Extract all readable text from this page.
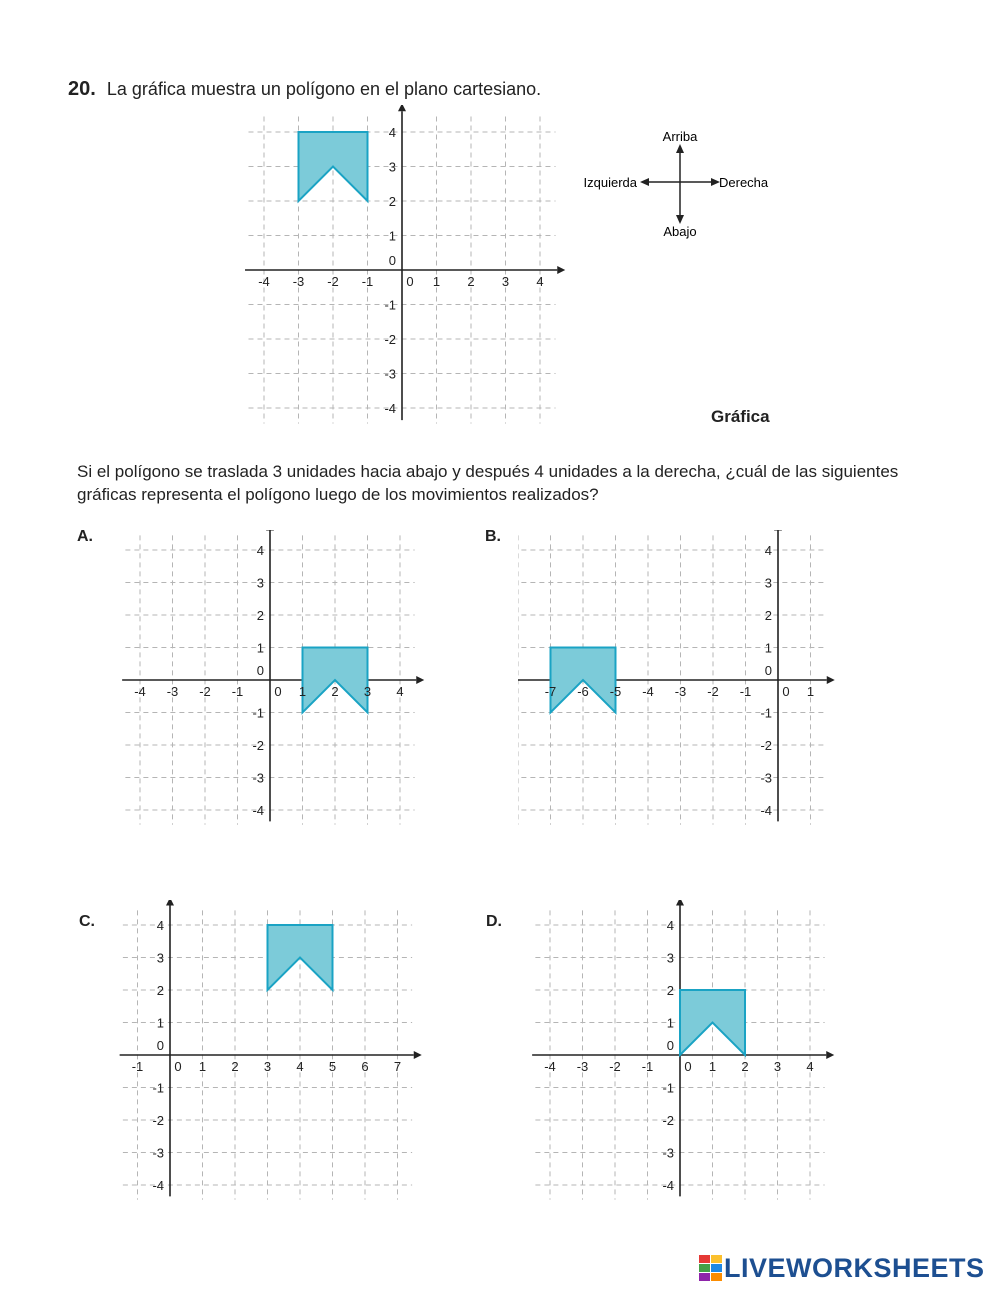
20. La gráfica muestra un polígono en el plano cartesiano.
-4 -3 -2 -1	0 1 2 3 4
4
3
2
1
0
-1
-2
-3
-4
Arriba
Abajo
Izquierda	Derecha
Gráfica
Si el polígono se traslada 3 unidades hacia abajo y después 4 unidades a la derecha, ¿cuál de las siguientes gráficas representa el polígono luego de los movimientos realizados?
A.	B.
C.	D.
-4 -3 -2 -1 0 1 2 3 4
4
3
2
1
0
-1
-2
-3
-4
-7 -6 -5 -4 -3 -2 -1 0 1
4
3
2
1
0
-1
-2
-3
-4
-1 0 1 2 3 4 5 6 7
4
3
2
1
0
-1
-2
-3
-4
-4 -3 -2 -1 0 1 2 3 4
4
3
2
1
0
-1
-2
-3
-4
LIVEWORKSHEETS
